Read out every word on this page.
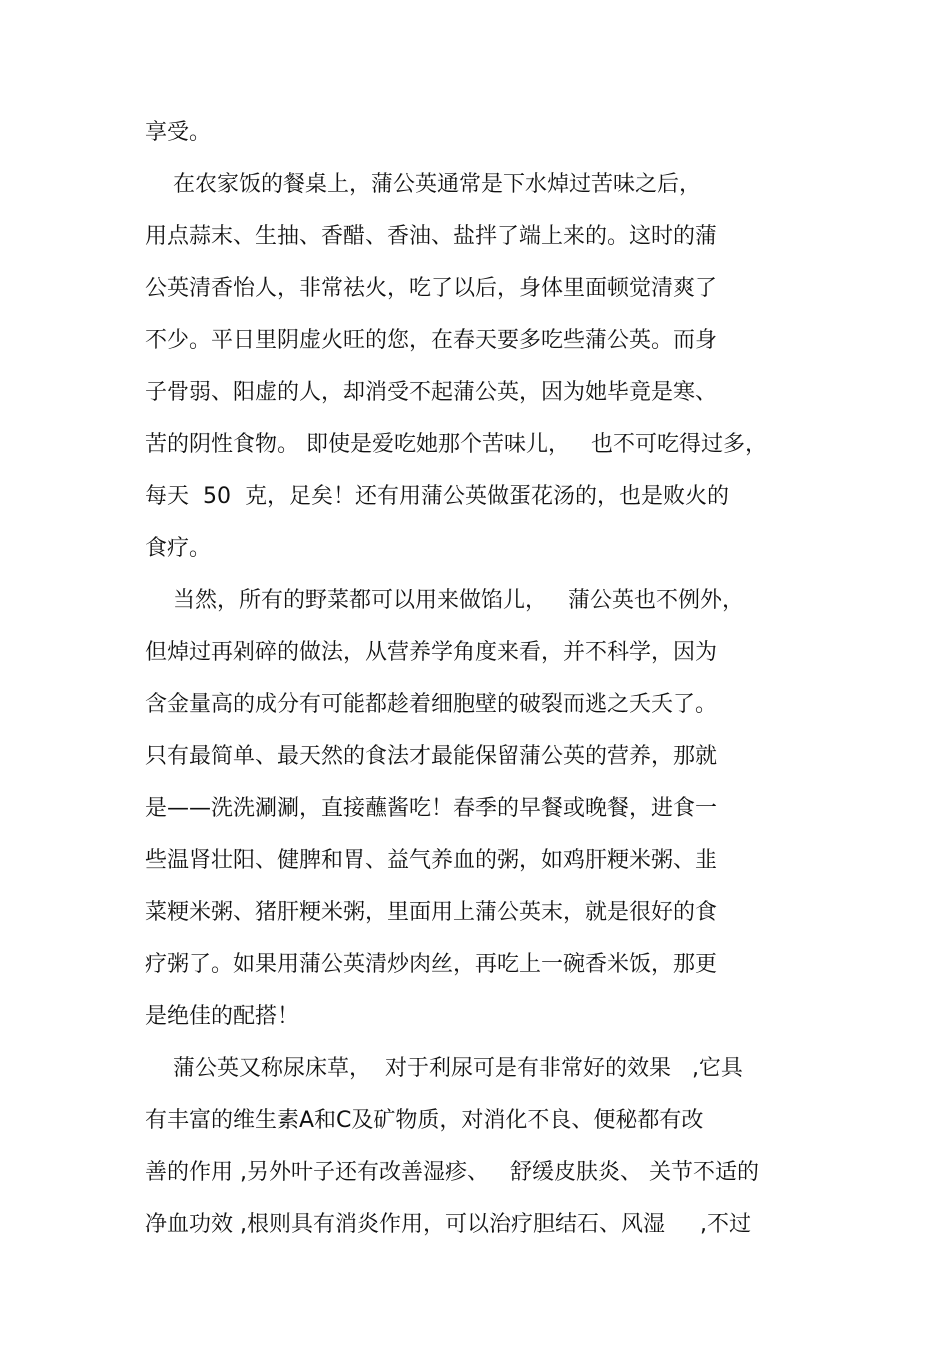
享受。
在农家饭的餐桌上，蒲公英通常是下水焯过苦味之后，
用点蒜末、生抽、香醋、香油、盐拌了端上来的。这时的蒲
公英清香怡人，非常祛火，吃了以后，身体里面顿觉清爽了
不少。平日里阴虚火旺的您，在春天要多吃些蒲公英。而身
子骨弱、阳虚的人，却消受不起蒲公英，因为她毕竟是寒、
苦的阴性食物。 即使是爱吃她那个苦味儿，   也不可吃得过多，
每天  50  克，足矣！还有用蒲公英做蛋花汤的，也是败火的
食疗。
当然，所有的野菜都可以用来做馅儿，   蒲公英也不例外，
但焯过再剁碎的做法，从营养学角度来看，并不科学，因为
含金量高的成分有可能都趁着细胞壁的破裂而逃之夭夭了。
只有最简单、最天然的食法才最能保留蒲公英的营养，那就
是——洗洗涮涮，直接蘸酱吃！春季的早餐或晚餐，进食一
些温肾壮阳、健脾和胃、益气养血的粥，如鸡肝粳米粥、韭
菜粳米粥、猪肝粳米粥，里面用上蒲公英末，就是很好的食
疗粥了。如果用蒲公英清炒肉丝，再吃上一碗香米饭，那更
是绝佳的配搭！
蒲公英又称尿床草，  对于利尿可是有非常好的效果   ,它具
有丰富的维生素A和C及矿物质，对消化不良、便秘都有改
善的作用 ,另外叶子还有改善湿疹、   舒缓皮肤炎、 关节不适的
净血功效 ,根则具有消炎作用，可以治疗胆结石、风湿     ,不过
